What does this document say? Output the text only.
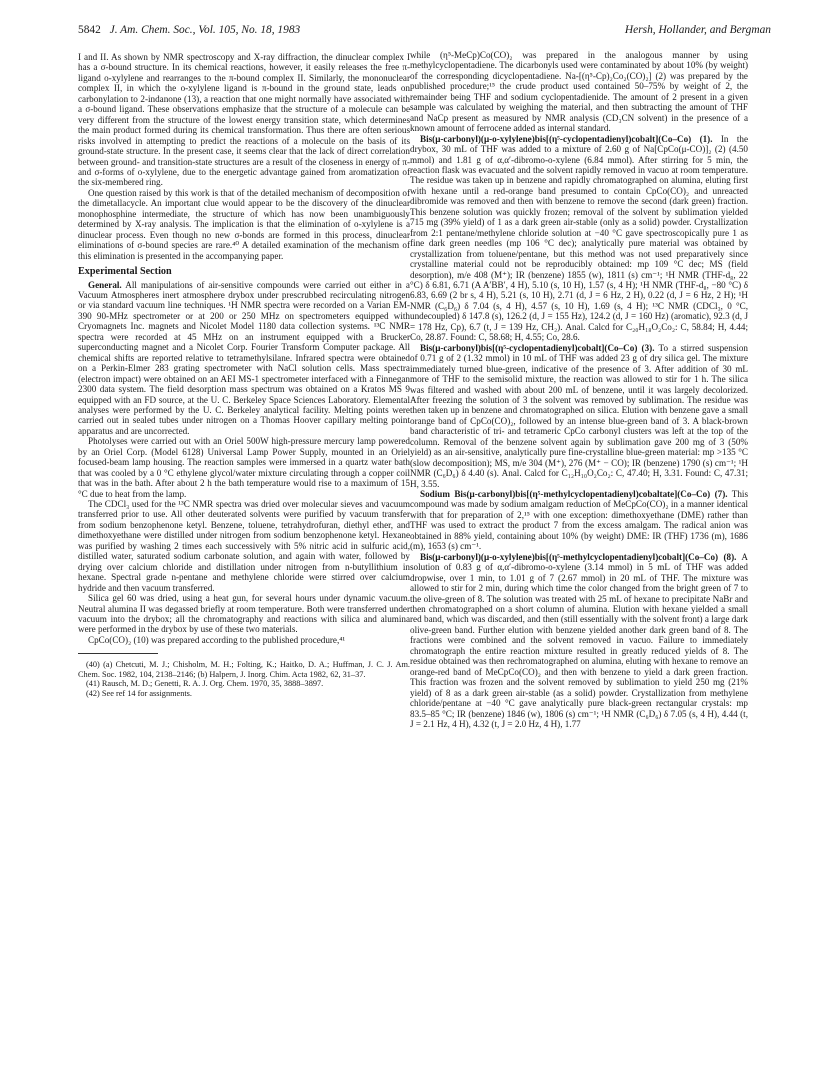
5842 J. Am. Chem. Soc., Vol. 105, No. 18, 1983	Hersh, Hollander, and Bergman

I and II. As shown by NMR spectroscopy and X-ray diffraction, the dinuclear complex I has a σ-bound structure. In its chemical reactions, however, it easily releases the free π-ligand o-xylylene and rearranges to the π-bound complex II. Similarly, the mononuclear complex II, in which the o-xylylene ligand is π-bound in the ground state, leads on carbonylation to 2-indanone (13), a reaction that one might normally have associated with a σ-bound ligand. These observations emphasize that the structure of a molecule can be very different from the structure of the lowest energy transition state, which determines the main product formed during its chemical transformation. Thus there are often serious risks involved in attempting to predict the reactions of a molecule on the basis of its ground-state structure. In the present case, it seems clear that the lack of direct correlation between ground- and transition-state structures are a result of the closeness in energy of π- and σ-forms of o-xylylene, due to the energetic advantage gained from aromatization of the six-membered ring.

One question raised by this work is that of the detailed mechanism of decomposition of the dimetallacycle. An important clue would appear to be the discovery of the dinuclear monophosphine intermediate, the structure of which has now been unambiguously determined by X-ray analysis. The implication is that the elimination of o-xylylene is a dinuclear process. Even though no new σ-bonds are formed in this process, dinuclear eliminations of σ-bound species are rare.⁴⁰ A detailed examination of the mechanism of this elimination is presented in the accompanying paper.

Experimental Section

General. All manipulations of air-sensitive compounds were carried out either in a Vacuum Atmospheres inert atmosphere drybox under prescrubbed recirculating nitrogen or via standard vacuum line techniques. ¹H NMR spectra were recorded on a Varian EM-390 90-MHz spectrometer or at 200 or 250 MHz on spectrometers equipped with Cryomagnets Inc. magnets and Nicolet Model 1180 data collection systems. ¹³C NMR spectra were recorded at 45 MHz on an instrument equipped with a Brucker superconducting magnet and a Nicolet Corp. Fourier Transform Computer package. All chemical shifts are reported relative to tetramethylsilane. Infrared spectra were obtained on a Perkin-Elmer 283 grating spectrometer with NaCl solution cells. Mass spectra (electron impact) were obtained on an AEI MS-1 spectrometer interfaced with a Finnegan 2300 data system. The field desorption mass spectrum was obtained on a Kratos MS 9 equipped with an FD source, at the U. C. Berkeley Space Sciences Laboratory. Elemental analyses were performed by the U. C. Berkeley analytical facility. Melting points were carried out in sealed tubes under nitrogen on a Thomas Hoover capillary melting point apparatus and are uncorrected.

Photolyses were carried out with an Oriel 500W high-pressure mercury lamp powered by an Oriel Corp. (Model 6128) Universal Lamp Power Supply, mounted in an Oriel focused-beam lamp housing. The reaction samples were immersed in a quartz water bath that was cooled by a 0 °C ethylene glycol/water mixture circulating through a copper coil that was in the bath. After about 2 h the bath temperature would rise to a maximum of 15 °C due to heat from the lamp.

The CDCl₃ used for the ¹³C NMR spectra was dried over molecular sieves and vacuum transferred prior to use. All other deuterated solvents were purified by vacuum transfer from sodium benzophenone ketyl. Benzene, toluene, tetrahydrofuran, diethyl ether, and dimethoxyethane were distilled under nitrogen from sodium benzophenone ketyl. Hexane was purified by washing 2 times each successively with 5% nitric acid in sulfuric acid, distilled water, saturated sodium carbonate solution, and again with water, followed by drying over calcium chloride and distillation under nitrogen from n-butyllithium in hexane. Spectral grade n-pentane and methylene chloride were stirred over calcium hydride and then vacuum transferred.

Silica gel 60 was dried, using a heat gun, for several hours under dynamic vacuum. Neutral alumina II was degassed briefly at room temperature. Both were transferred under vacuum into the drybox; all the chromatography and reactions with silica and alumina were performed in the drybox by use of these two materials.

CpCo(CO)₂ (10) was prepared according to the published procedure,⁴¹

(40) (a) Chetcuti, M. J.; Chisholm, M. H.; Folting, K.; Haitko, D. A.; Huffman, J. C. J. Am. Chem. Soc. 1982, 104, 2138–2146; (b) Halpern, J. Inorg. Chim. Acta 1982, 62, 31–37.

(41) Rausch, M. D.; Genetti, R. A. J. Org. Chem. 1970, 35, 3888–3897.

(42) See ref 14 for assignments.

while (η⁵-MeCp)Co(CO)₂ was prepared in the analogous manner by using methylcyclopentadiene. The dicarbonyls used were contaminated by about 10% (by weight) of the corresponding dicyclopentadiene. Na-[(η⁵-Cp)₂Co₂(CO)₂] (2) was prepared by the published procedure;¹⁵ the crude product used contained 50–75% by weight of 2, the remainder being THF and sodium cyclopentadienide. The amount of 2 present in a given sample was calculated by weighing the material, and then subtracting the amount of THF and NaCp present as measured by NMR analysis (CD₃CN solvent) in the presence of a known amount of ferrocene added as internal standard.

Bis(μ-carbonyl)(μ-o-xylylene)bis[(η⁵-cyclopentadienyl)cobalt](Co–Co) (1). In the drybox, 30 mL of THF was added to a mixture of 2.60 g of Na[CpCo(μ-CO)]₂ (2) (4.50 mmol) and 1.81 g of α,α′-dibromo-o-xylene (6.84 mmol). After stirring for 5 min, the reaction flask was evacuated and the solvent rapidly removed in vacuo at room temperature. The residue was taken up in benzene and rapidly chromatographed on alumina, eluting first with hexane until a red-orange band presumed to contain CpCo(CO)₂ and unreacted dibromide was removed and then with benzene to remove the second (dark green) fraction. This benzene solution was quickly frozen; removal of the solvent by sublimation yielded 715 mg (39% yield) of 1 as a dark green air-stable (only as a solid) powder. Crystallization from 2:1 pentane/methylene chloride solution at −40 °C gave spectroscopically pure 1 as fine dark green needles (mp 106 °C dec); analytically pure material was obtained by crystallization from toluene/pentane, but this method was not used preparatively since crystalline material could not be reproducibly obtained: mp 109 °C dec; MS (field desorption), m/e 408 (M⁺); IR (benzene) 1855 (w), 1811 (s) cm⁻¹; ¹H NMR (THF-d₈, 22 °C) δ 6.81, 6.71 (A A′BB′, 4 H), 5.10 (s, 10 H), 1.57 (s, 4 H); ¹H NMR (THF-d₈, −80 °C) δ 6.83, 6.69 (2 br s, 4 H), 5.21 (s, 10 H), 2.71 (d, J = 6 Hz, 2 H), 0.22 (d, J = 6 Hz, 2 H); ¹H NMR (C₆D₆) δ 7.04 (s, 4 H), 4.57 (s, 10 H), 1.69 (s, 4 H); ¹³C NMR (CDCl₃, 0 °C, undecoupled) δ 147.8 (s), 126.2 (d, J = 155 Hz), 124.2 (d, J = 160 Hz) (aromatic), 92.3 (d, J = 178 Hz, Cp), 6.7 (t, J = 139 Hz, CH₂). Anal. Calcd for C₂₀H₁₈O₂Co₂: C, 58.84; H, 4.44; Co, 28.87. Found: C, 58.68; H, 4.55; Co, 28.6.

Bis(μ-carbonyl)bis[(η⁵-cyclopentadienyl)cobalt](Co–Co) (3). To a stirred suspension of 0.71 g of 2 (1.32 mmol) in 10 mL of THF was added 23 g of dry silica gel. The mixture immediately turned blue-green, indicative of the presence of 3. After addition of 30 mL more of THF to the semisolid mixture, the reaction was allowed to stir for 1 h. The silica was filtered and washed with about 200 mL of benzene, until it was largely decolorized. After freezing the solution of 3 the solvent was removed by sublimation. The residue was then taken up in benzene and chromatographed on silica. Elution with benzene gave a small orange band of CpCo(CO)₂, followed by an intense blue-green band of 3. A black-brown band characteristic of tri- and tetrameric CpCo carbonyl clusters was left at the top of the column. Removal of the benzene solvent again by sublimation gave 200 mg of 3 (50% yield) as an air-sensitive, analytically pure fine-crystalline blue-green material: mp >135 °C (slow decomposition); MS, m/e 304 (M⁺), 276 (M⁺ − CO); IR (benzene) 1790 (s) cm⁻¹; ¹H NMR (C₆D₆) δ 4.40 (s). Anal. Calcd for C₁₂H₁₀O₂Co₂: C, 47.40; H, 3.31. Found: C, 47.31; H, 3.55.

Sodium Bis(μ-carbonyl)bis[(η⁵-methylcyclopentadienyl)cobaltate](Co–Co) (7). This compound was made by sodium amalgam reduction of MeCpCo(CO)₂ in a manner identical with that for preparation of 2,¹⁵ with one exception: dimethoxyethane (DME) rather than THF was used to extract the product 7 from the excess amalgam. The radical anion was obtained in 88% yield, containing about 10% (by weight) DME: IR (THF) 1736 (m), 1686 (m), 1653 (s) cm⁻¹.

Bis(μ-carbonyl)(μ-o-xylylene)bis[(η⁵-methylcyclopentadienyl)cobalt](Co–Co) (8). A solution of 0.83 g of α,α′-dibromo-o-xylene (3.14 mmol) in 5 mL of THF was added dropwise, over 1 min, to 1.01 g of 7 (2.67 mmol) in 20 mL of THF. The mixture was allowed to stir for 2 min, during which time the color changed from the bright green of 7 to the olive-green of 8. The solution was treated with 25 mL of hexane to precipitate NaBr and then chromatographed on a short column of alumina. Elution with hexane yielded a small red band, which was discarded, and then (still essentially with the solvent front) a large dark olive-green band. Further elution with benzene yielded another dark green band of 8. The fractions were combined and the solvent removed in vacuo. Failure to immediately chromatograph the entire reaction mixture resulted in greatly reduced yields of 8. The residue obtained was then rechromatographed on alumina, eluting with hexane to remove an orange-red band of MeCpCo(CO)₂ and then with benzene to yield a dark green fraction. This fraction was frozen and the solvent removed by sublimation to yield 250 mg (21% yield) of 8 as a dark green air-stable (as a solid) powder. Crystallization from methylene chloride/pentane at −40 °C gave analytically pure black-green rectangular crystals: mp 83.5–85 °C; IR (benzene) 1846 (w), 1806 (s) cm⁻¹; ¹H NMR (C₆D₆) δ 7.05 (s, 4 H), 4.44 (t, J = 2.1 Hz, 4 H), 4.32 (t, J = 2.0 Hz, 4 H), 1.77
